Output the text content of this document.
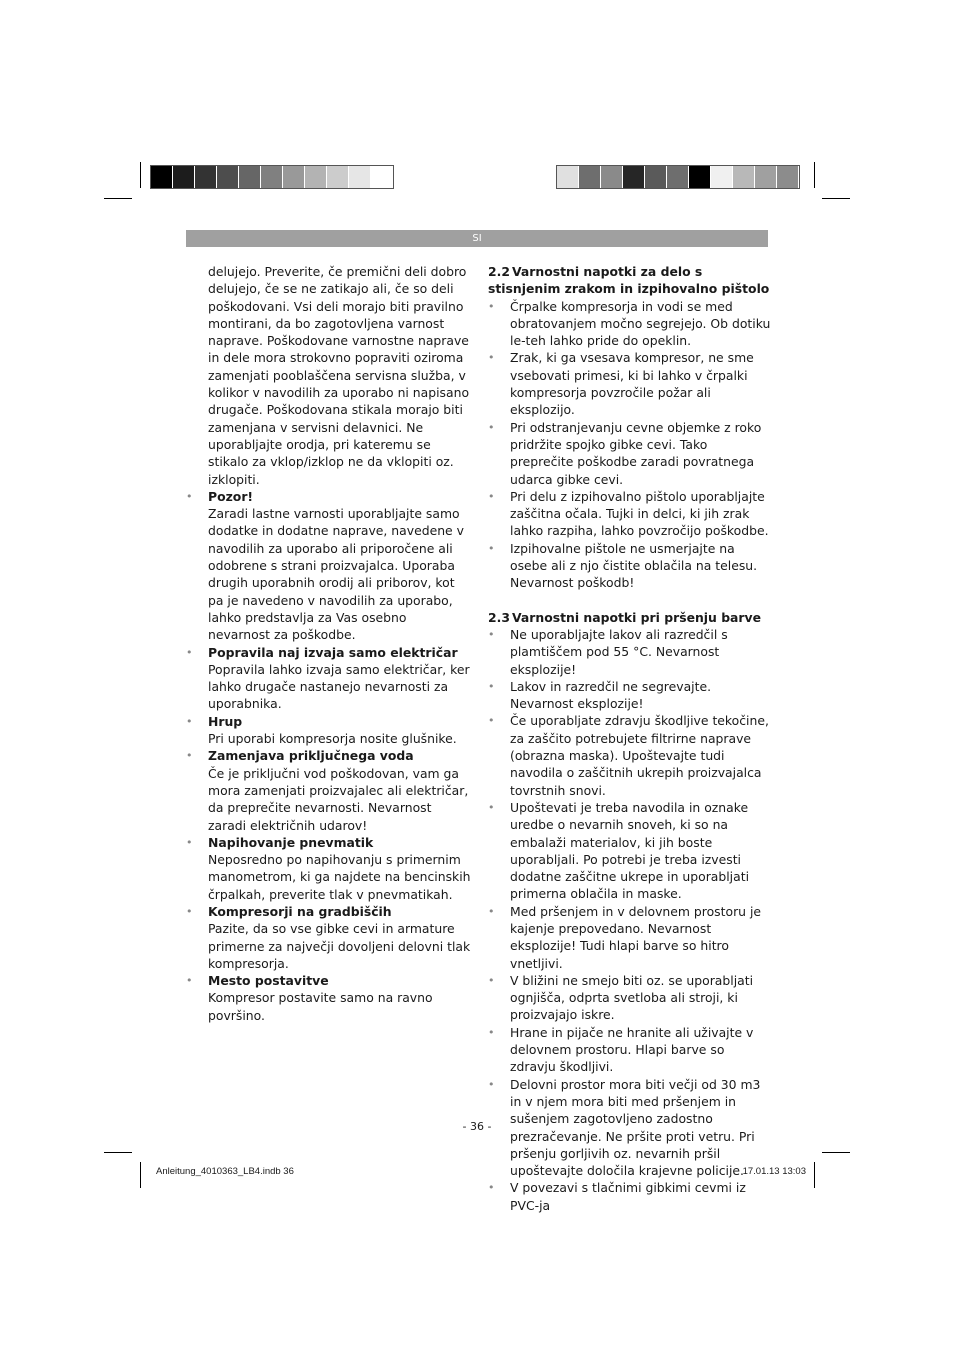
SI

delujejo. Preverite, če premični deli dobro delujejo, če se ne zatikajo ali, če so deli poškodovani. Vsi deli morajo biti pravilno montirani, da bo zagotovljena varnost naprave. Poškodovane varnostne naprave in dele mora strokovno popraviti oziroma zamenjati pooblaščena servisna služba, v kolikor v navodilih za uporabo ni napisano drugače. Poškodovana stikala morajo biti zamenjana v servisni delavnici. Ne uporabljajte orodja, pri kateremu se stikalo za vklop/izklop ne da vklopiti oz. izklopiti.

• Pozor!
Zaradi lastne varnosti uporabljajte samo dodatke in dodatne naprave, navedene v navodilih za uporabo ali priporočene ali odobrene s strani proizvajalca. Uporaba drugih uporabnih orodij ali priborov, kot pa je navedeno v navodilih za uporabo, lahko predstavlja za Vas osebno nevarnost za poškodbe.
• Popravila naj izvaja samo električar
Popravila lahko izvaja samo električar, ker lahko drugače nastanejo nevarnosti za uporabnika.
• Hrup
Pri uporabi kompresorja nosite glušnike.
• Zamenjava priključnega voda
Če je priključni vod poškodovan, vam ga mora zamenjati proizvajalec ali električar, da preprečite nevarnosti. Nevarnost zaradi električnih udarov!
• Napihovanje pnevmatik
Neposredno po napihovanju s primernim manometrom, ki ga najdete na bencinskih črpalkah, preverite tlak v pnevmatikah.
• Kompresorji na gradbiščih
Pazite, da so vse gibke cevi in armature primerne za največji dovoljeni delovni tlak kompresorja.
• Mesto postavitve
Kompresor postavite samo na ravno površino.
2.2 Varnostni napotki za delo s stisnjenim zrakom in izpihovalno pištolo
• Črpalke kompresorja in vodi se med obratovanjem močno segrejejo. Ob dotiku le-teh lahko pride do opeklin.
• Zrak, ki ga vsesava kompresor, ne sme vsebovati primesi, ki bi lahko v črpalki kompresorja povzročile požar ali eksplozijo.
• Pri odstranjevanju cevne objemke z roko pridržite spojko gibke cevi. Tako preprečite poškodbe zaradi povratnega udarca gibke cevi.
• Pri delu z izpihovalno pištolo uporabljajte zaščitna očala. Tujki in delci, ki jih zrak lahko razpiha, lahko povzročijo poškodbe.
• Izpihovalne pištole ne usmerjajte na osebe ali z njo čistite oblačila na telesu. Nevarnost poškodb!
2.3 Varnostni napotki pri pršenju barve
• Ne uporabljajte lakov ali razredčil s plamtiščem pod 55 °C. Nevarnost eksplozije!
• Lakov in razredčil ne segrevajte. Nevarnost eksplozije!
• Če uporabljate zdravju škodljive tekočine, za zaščito potrebujete filtrirne naprave (obrazna maska). Upoštevajte tudi navodila o zaščitnih ukrepih proizvajalca tovrstnih snovi.
• Upoštevati je treba navodila in oznake uredbe o nevarnih snoveh, ki so na embalaži materialov, ki jih boste uporabljali. Po potrebi je treba izvesti dodatne zaščitne ukrepe in uporabljati primerna oblačila in maske.
• Med pršenjem in v delovnem prostoru je kajenje prepovedano. Nevarnost eksplozije! Tudi hlapi barve so hitro vnetljivi.
• V bližini ne smejo biti oz. se uporabljati ognjišča, odprta svetloba ali stroji, ki proizvajajo iskre.
• Hrane in pijače ne hranite ali uživajte v delovnem prostoru. Hlapi barve so zdravju škodljivi.
• Delovni prostor mora biti večji od 30 m3 in v njem mora biti med pršenjem in sušenjem zagotovljeno zadostno prezračevanje. Ne pršite proti vetru. Pri pršenju gorljivih oz. nevarnih pršil upoštevajte določila krajevne policije.
• V povezavi s tlačnimi gibkimi cevmi iz PVC-ja
- 36 -
Anleitung_4010363_LB4.indb 36	17.01.13 13:03
